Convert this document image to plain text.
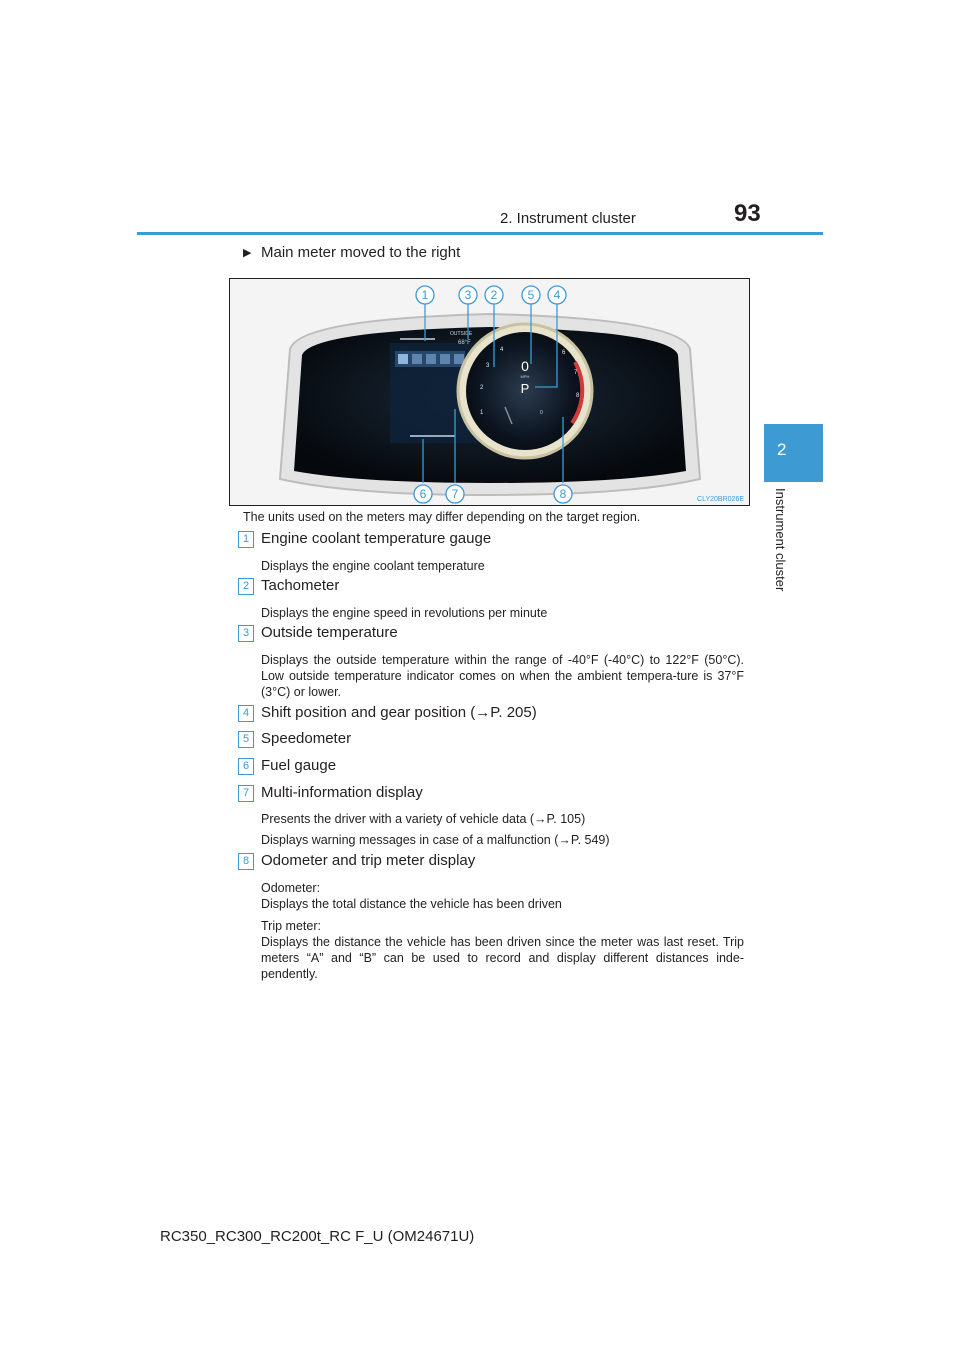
2. Instrument cluster	93
2
Instrument cluster
▶ Main meter moved to the right
OUTSIDE
68°F
1
2
3
4	6
7
8
0
MPH
P
0
1	3 2	5 4
6 7	8	CLY20BR026E
The units used on the meters may differ depending on the target region.
1 Engine coolant temperature gauge
Displays the engine coolant temperature
2 Tachometer
Displays the engine speed in revolutions per minute
3 Outside temperature
Displays the outside temperature within the range of -40°F (-40°C) to 122°F (50°C). Low outside temperature indicator comes on when the ambient tempera-ture is 37°F (3°C) or lower.
4 Shift position and gear position (→P. 205)
5 Speedometer
6 Fuel gauge
7 Multi-information display
Presents the driver with a variety of vehicle data (→P. 105)
Displays warning messages in case of a malfunction (→P. 549)
8 Odometer and trip meter display
Odometer:
Displays the total distance the vehicle has been driven
Trip meter:
Displays the distance the vehicle has been driven since the meter was last reset. Trip meters “A” and “B” can be used to record and display different distances inde-pendently.
RC350_RC300_RC200t_RC F_U (OM24671U)
